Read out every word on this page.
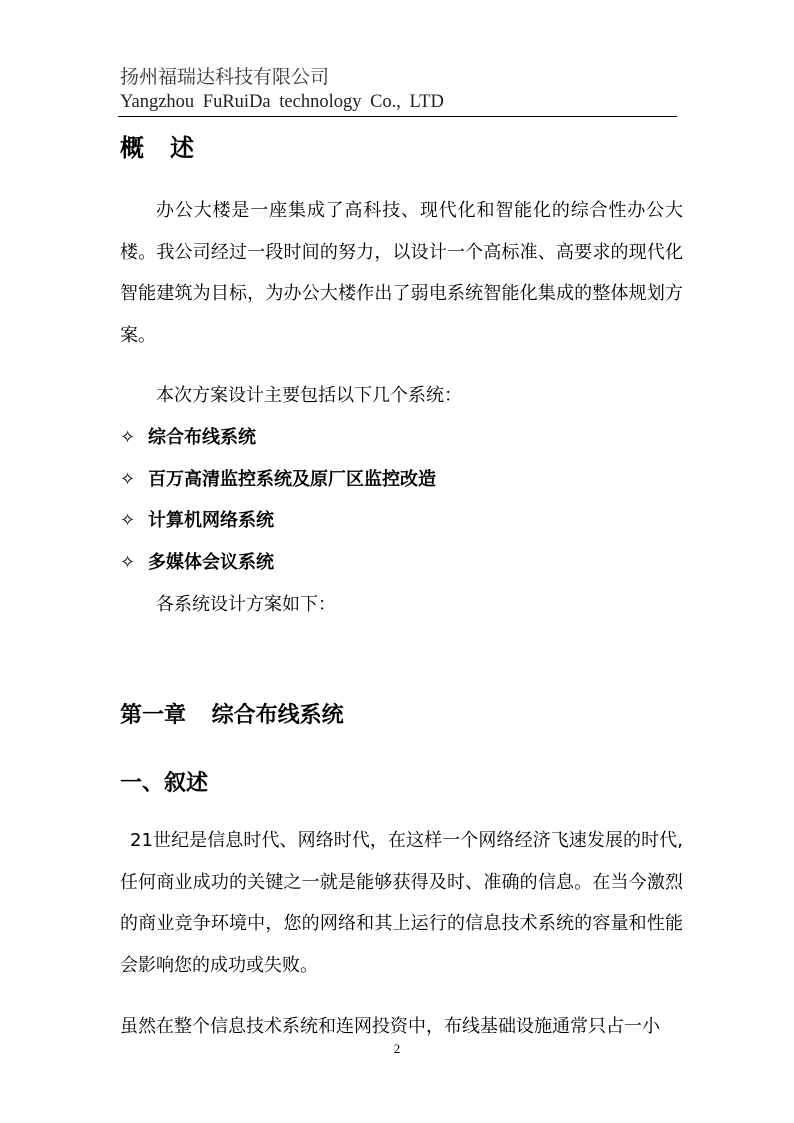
扬州福瑞达科技有限公司
Yangzhou FuRuiDa technology Co., LTD
概述
办公大楼是一座集成了高科技、现代化和智能化的综合性办公大楼。我公司经过一段时间的努力，以设计一个高标准、高要求的现代化智能建筑为目标，为办公大楼作出了弱电系统智能化集成的整体规划方案。
本次方案设计主要包括以下几个系统：
✧ 综合布线系统
✧ 百万高清监控系统及原厂区监控改造
✧ 计算机网络系统
✧ 多媒体会议系统
各系统设计方案如下：
第一章 综合布线系统
一、叙述
21世纪是信息时代、网络时代，在这样一个网络经济飞速发展的时代,任何商业成功的关键之一就是能够获得及时、准确的信息。在当今激烈的商业竞争环境中，您的网络和其上运行的信息技术系统的容量和性能会影响您的成功或失败。
虽然在整个信息技术系统和连网投资中，布线基础设施通常只占一小
2
